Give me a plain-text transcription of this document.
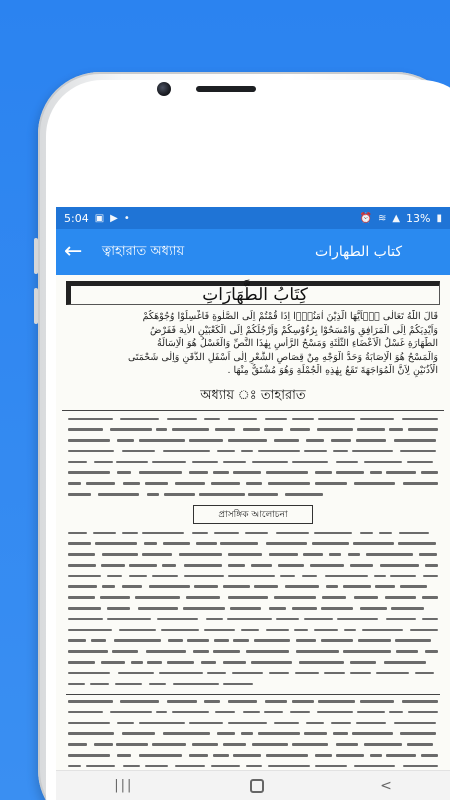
5:04 ▣ ▶ •	⏰ ≋ ▲ 13% ▮
←	ত্বাহারাত অধ্যায়	كتاب الطهارات
كِتَابُ الطَّهَارَاتِ
قَالَ اللّٰهُ تَعَالٰى يٰۤاَيُّهَا الَّذِيْنَ اٰمَنُوْۤا اِذَا قُمْتُمْ اِلَى الصَّلٰوةِ فَاغْسِلُوْا وُجُوْهَكُمْ
وَاَيْدِيَكُمْ اِلَى الْمَرَافِقِ وَامْسَحُوْا بِرُءُوْسِكُمْ وَاَرْجُلَكُمْ اِلَى الْكَعْبَيْنِ الاٰية فَفَرْضُ
الطَّهَارَةِ غَسْلُ الْاَعْضَاءِ الثَّلٰثَةِ وَمَسْحُ الرَّأْسِ بِهٰذَا النَّصِّ وَالْغَسْلُ هُوَ الْاِسَالَةُ
وَالْمَسْحُ هُوَ الْاِصَابَةُ وَحَدُّ الْوَجْهِ مِنْ قِصَاصِ الشَّعْرِ اِلٰى اَسْفَلِ الذَّقَنِ وَاِلٰى شَحْمَتَى
الْاُذُنَيْنِ لِاَنَّ الْمُوَاجَهَةَ تَقَعُ بِهٰذِهِ الْجُمْلَةِ وَهُوَ مُشْتَقٌّ مِنْهَا .
অধ্যায় ঃ তাহারাত
প্রাসঙ্গিক আলোচনা
|||	<
